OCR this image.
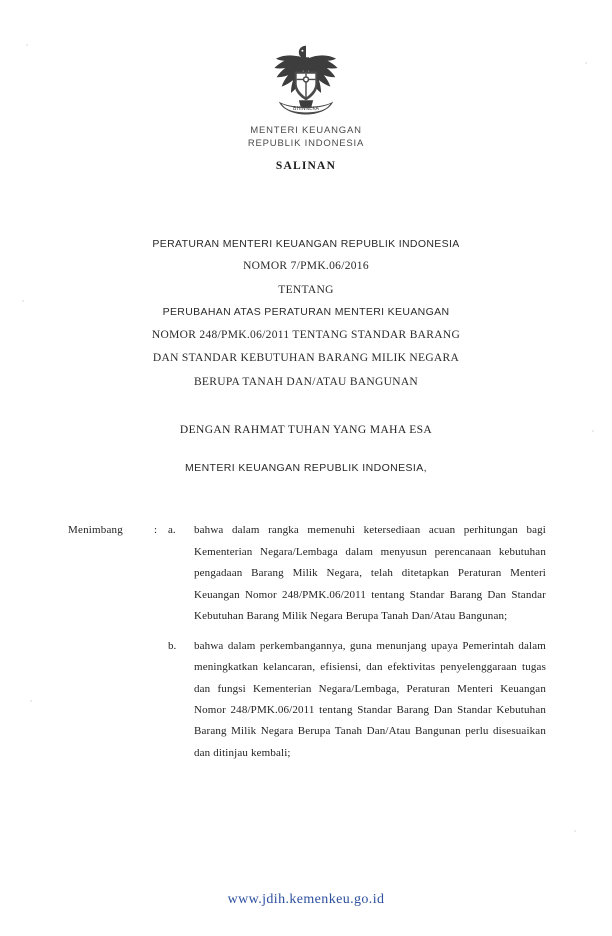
BHINNEKA
MENTERI KEUANGAN
REPUBLIK INDONESIA
SALINAN
PERATURAN MENTERI KEUANGAN REPUBLIK INDONESIA
NOMOR 7/PMK.06/2016
TENTANG
PERUBAHAN ATAS PERATURAN MENTERI KEUANGAN
NOMOR 248/PMK.06/2011 TENTANG STANDAR BARANG
DAN STANDAR KEBUTUHAN BARANG MILIK NEGARA
BERUPA TANAH DAN/ATAU BANGUNAN
DENGAN RAHMAT TUHAN YANG MAHA ESA
MENTERI KEUANGAN REPUBLIK INDONESIA,
Menimbang	: a.	bahwa dalam rangka memenuhi ketersediaan acuan perhitungan bagi Kementerian Negara/Lembaga dalam menyusun perencanaan kebutuhan pengadaan Barang Milik Negara, telah ditetapkan Peraturan Menteri Keuangan Nomor 248/PMK.06/2011 tentang Standar Barang Dan Standar Kebutuhan Barang Milik Negara Berupa Tanah Dan/Atau Bangunan;
b.	bahwa dalam perkembangannya, guna menunjang upaya Pemerintah dalam meningkatkan kelancaran, efisiensi, dan efektivitas penyelenggaraan tugas dan fungsi Kementerian Negara/Lembaga, Peraturan Menteri Keuangan Nomor 248/PMK.06/2011 tentang Standar Barang Dan Standar Kebutuhan Barang Milik Negara Berupa Tanah Dan/Atau Bangunan perlu disesuaikan dan ditinjau kembali;
www.jdih.kemenkeu.go.id
